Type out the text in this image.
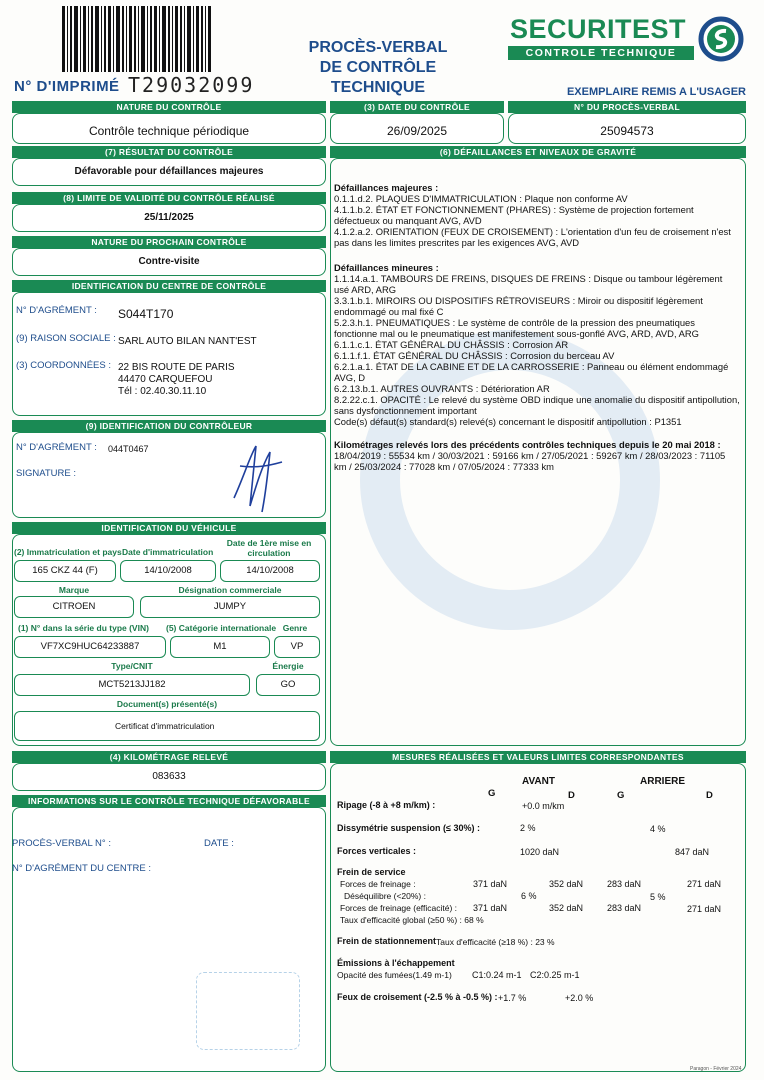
N° D'IMPRIMÉ T29032099
PROCÈS-VERBAL
DE CONTRÔLE TECHNIQUE
SECURITEST
CONTROLE TECHNIQUE
EXEMPLAIRE REMIS A L'USAGER
NATURE DU CONTRÔLE
Contrôle technique périodique
(3) DATE DU CONTRÔLE
26/09/2025
N° DU PROCÈS-VERBAL
25094573
(7) RÉSULTAT DU CONTRÔLE
Défavorable pour défaillances majeures
(8) LIMITE DE VALIDITÉ DU CONTRÔLE RÉALISÉ
25/11/2025
NATURE DU PROCHAIN CONTRÔLE
Contre-visite
IDENTIFICATION DU CENTRE DE CONTRÔLE
N° D'AGRÉMENT : S044T170
(9) RAISON SOCIALE : SARL AUTO BILAN NANT'EST
(3) COORDONNÉES : 22 BIS ROUTE DE PARIS
44470 CARQUEFOU
Tél : 02.40.30.11.10
(9) IDENTIFICATION DU CONTRÔLEUR
N° D'AGRÉMENT : 044T0467
SIGNATURE :
IDENTIFICATION DU VÉHICULE
(2) Immatriculation et pays Date d'immatriculation
Date de 1ère mise en circulation
165 CKZ 44 (F)	14/10/2008	14/10/2008
Marque	Désignation commerciale
CITROEN	JUMPY
(1) N° dans la série du type (VIN) (5) Catégorie internationale Genre
VF7XC9HUC64233887	M1	VP
Type/CNIT	Énergie
MCT5213JJ182	GO
Document(s) présenté(s)
Certificat d'immatriculation
(4) KILOMÉTRAGE RELEVÉ
083633
INFORMATIONS SUR LE CONTRÔLE TECHNIQUE DÉFAVORABLE
PROCÈS-VERBAL N° :	DATE :
N° D'AGRÉMENT DU CENTRE :
(6) DÉFAILLANCES ET NIVEAUX DE GRAVITÉ

Défaillances majeures :

0.1.1.d.2. PLAQUES D'IMMATRICULATION : Plaque non conforme AV

4.1.1.b.2. ÉTAT ET FONCTIONNEMENT (PHARES) : Système de projection fortement défectueux ou manquant AVG, AVD

4.1.2.a.2. ORIENTATION (FEUX DE CROISEMENT) : L'orientation d'un feu de croisement n'est pas dans les limites prescrites par les exigences AVG, AVD

Défaillances mineures :

1.1.14.a.1. TAMBOURS DE FREINS, DISQUES DE FREINS : Disque ou tambour légèrement usé ARD, ARG

3.3.1.b.1. MIROIRS OU DISPOSITIFS RÉTROVISEURS : Miroir ou dispositif légèrement endommagé ou mal fixé C

5.2.3.h.1. PNEUMATIQUES : Le système de contrôle de la pression des pneumatiques fonctionne mal ou le pneumatique est manifestement sous-gonflé AVG, ARD, AVD, ARG

6.1.1.c.1. ÉTAT GÉNÉRAL DU CHÂSSIS : Corrosion AR

6.1.1.f.1. ÉTAT GÉNÉRAL DU CHÂSSIS : Corrosion du berceau AV

6.2.1.a.1. ÉTAT DE LA CABINE ET DE LA CARROSSERIE : Panneau ou élément endommagé AVG, D

6.2.13.b.1. AUTRES OUVRANTS : Détérioration AR

8.2.22.c.1. OPACITÉ : Le relevé du système OBD indique une anomalie du dispositif antipollution, sans dysfonctionnement important

Code(s) défaut(s) standard(s) relevé(s) concernant le dispositif antipollution : P1351

Kilométrages relevés lors des précédents contrôles techniques depuis le 20 mai 2018 : 18/04/2019 : 55534 km / 30/03/2021 : 59166 km / 27/05/2021 : 59267 km / 28/03/2023 : 71105 km / 25/03/2024 : 77028 km / 07/05/2024 : 77333 km

MESURES RÉALISÉES ET VALEURS LIMITES CORRESPONDANTES
AVANT	ARRIERE
G	D	G	D
Ripage (-8 à +8 m/km) :	+0.0 m/km
Dissymétrie suspension (≤ 30%) :	2 %	4 %
Forces verticales :	1020 daN	847 daN
Frein de service
Forces de freinage :	371 daN	352 daN	283 daN	271 daN
Déséquilibre (<20%) :	6 %	5 %
Forces de freinage (efficacité) : 371 daN	352 daN	283 daN	271 daN
Taux d'efficacité global (≥50 %) : 68 %
Frein de stationnement Taux d'efficacité (≥18 %) : 23 %
Émissions à l'échappement
Opacité des fumées(1.49 m-1) C1:0.24 m-1 C2:0.25 m-1
Feux de croisement (-2.5 % à -0.5 %) : +1.7 %	+2.0 %
Paragon - Février 2024
